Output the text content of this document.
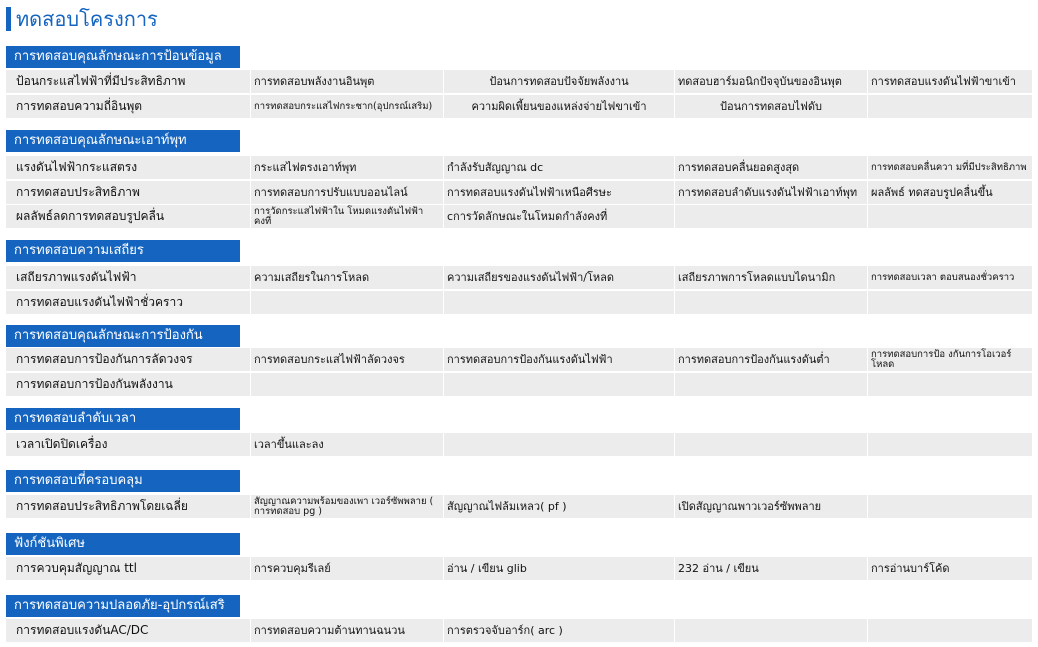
ทดสอบโครงการ
การทดสอบคุณลักษณะการป้อนข้อมูล
ป้อนกระแสไฟฟ้าที่มีประสิทธิภาพ	การทดสอบพลังงานอินพุต	ป้อนการทดสอบปัจจัยพลังงาน	ทดสอบฮาร์มอนิกปัจจุบันของอินพุต	การทดสอบแรงดันไฟฟ้าขาเข้า
การทดสอบความถี่อินพุต	การทดสอบกระแสไฟกระชาก(อุปกรณ์เสริม)	ความผิดเพี้ยนของแหล่งจ่ายไฟขาเข้า	ป้อนการทดสอบไฟดับ
การทดสอบคุณลักษณะเอาท์พุท
แรงดันไฟฟ้ากระแสตรง	กระแสไฟตรงเอาท์พุท	กำลังรับสัญญาณ dc	การทดสอบคลื่นยอดสูงสุด	การทดสอบคลื่นควา มที่มีประสิทธิภาพ
การทดสอบประสิทธิภาพ	การทดสอบการปรับแบบออนไลน์	การทดสอบแรงดันไฟฟ้าเหนือศีรษะ	การทดสอบลำดับแรงดันไฟฟ้าเอาท์พุท	ผลลัพธ์ ทดสอบรูปคลื่นขึ้น
ผลลัพธ์ลดการทดสอบรูปคลื่น	การวัดกระแสไฟฟ้าใน โหมดแรงดันไฟฟ้าคงที่	cการวัดลักษณะในโหมดกำลังคงที่
การทดสอบความเสถียร
เสถียรภาพแรงดันไฟฟ้า	ความเสถียรในการโหลด	ความเสถียรของแรงดันไฟฟ้า/โหลด	เสถียรภาพการโหลดแบบไดนามิก	การทดสอบเวลา ตอบสนองชั่วคราว
การทดสอบแรงดันไฟฟ้าชั่วคราว
การทดสอบคุณลักษณะการป้องกัน
การทดสอบการป้องกันการลัดวงจร	การทดสอบกระแสไฟฟ้าลัดวงจร	การทดสอบการป้องกันแรงดันไฟฟ้า	การทดสอบการป้องกันแรงดันต่ำ	การทดสอบการป้อ งกันการโอเวอร์โหลด
การทดสอบการป้องกันพลังงาน
การทดสอบลำดับเวลา
เวลาเปิดปิดเครื่อง	เวลาขึ้นและลง
การทดสอบที่ครอบคลุม
การทดสอบประสิทธิภาพโดยเฉลี่ย	สัญญาณความพร้อมของเพา เวอร์ซัพพลาย ( การทดสอบ pg )	สัญญาณไฟล้มเหลว( pf )	เปิดสัญญาณพาวเวอร์ซัพพลาย
ฟังก์ชันพิเศษ
การควบคุมสัญญาณ ttl	การควบคุมรีเลย์	อ่าน / เขียน glib	232 อ่าน / เขียน	การอ่านบาร์โค้ด
การทดสอบความปลอดภัย-อุปกรณ์เสริ
การทดสอบแรงดันAC/DC	การทดสอบความต้านทานฉนวน	การตรวจจับอาร์ก( arc )
